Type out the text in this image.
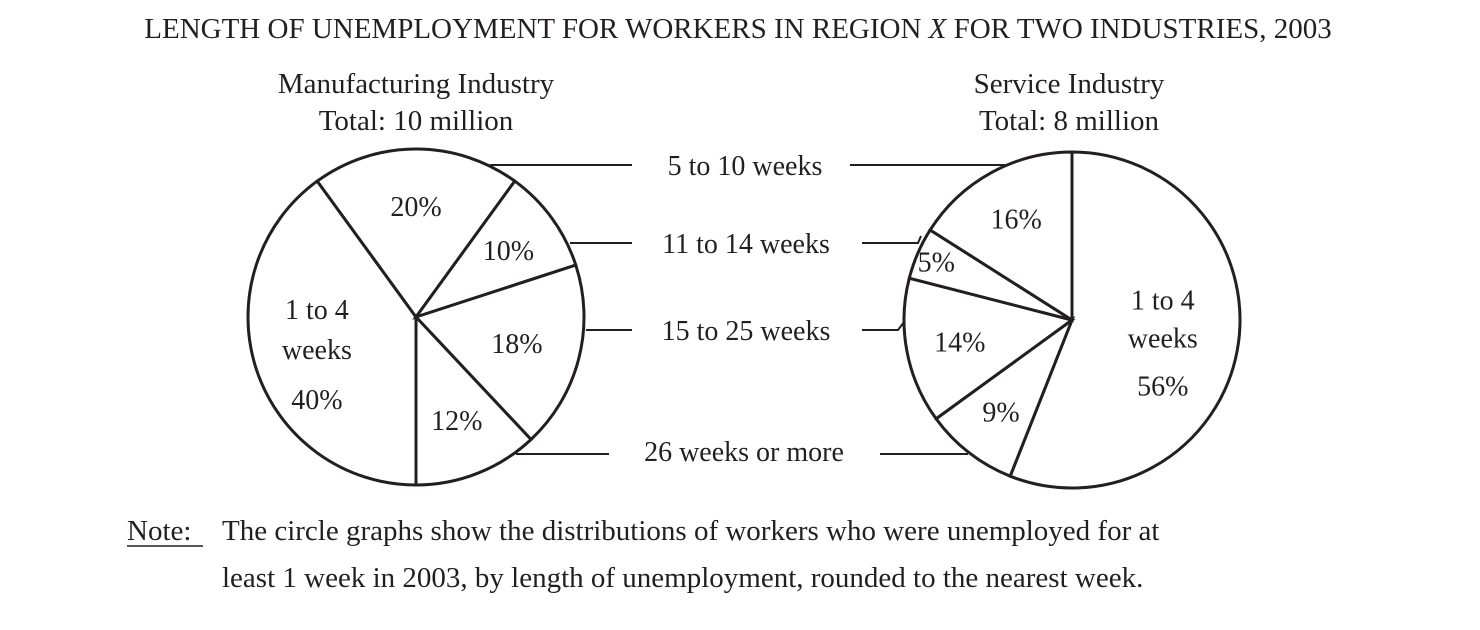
LENGTH OF UNEMPLOYMENT FOR WORKERS IN REGION X FOR TWO INDUSTRIES, 2003
Manufacturing Industry
Total: 10 million
Service Industry
Total: 8 million
1 to 4
weeks
40%
20%
10%
18%
12%
1 to 4
weeks
56%
9%
14%
5%
16%
5 to 10 weeks
11 to 14 weeks
15 to 25 weeks
26 weeks or more
Note: The circle graphs show the distributions of workers who were unemployed for at
least 1 week in 2003, by length of unemployment, rounded to the nearest week.
